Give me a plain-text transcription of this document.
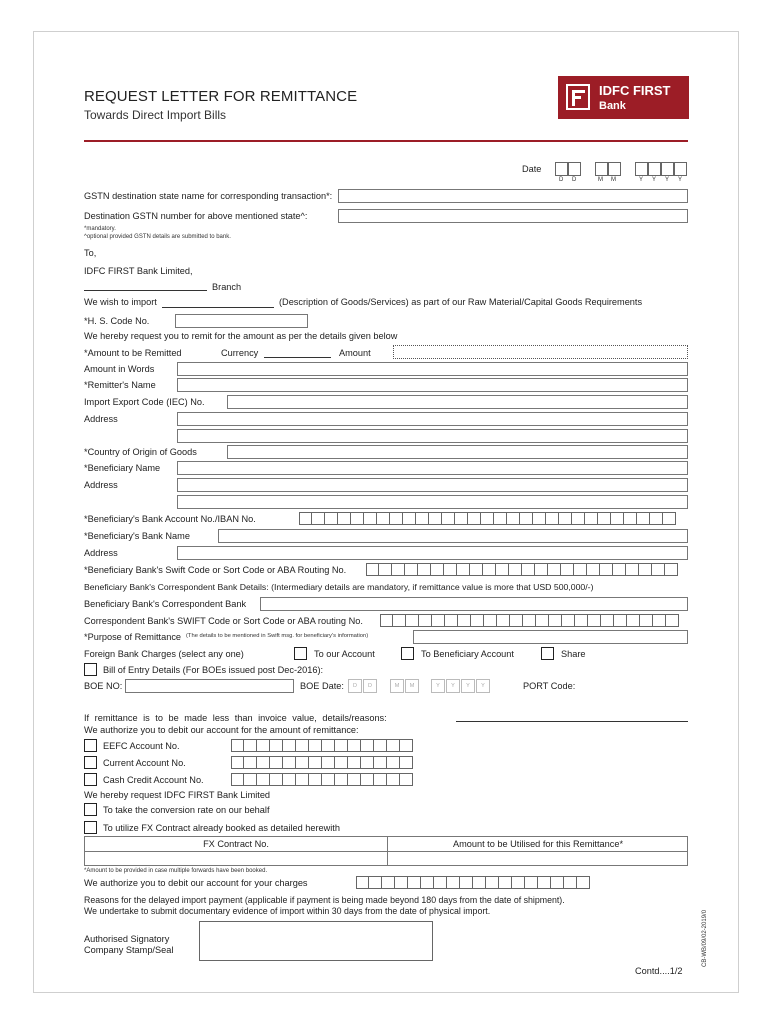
REQUEST LETTER FOR REMITTANCE
Towards Direct Import Bills
IDFC FIRST
Bank
Date
D D	M M	Y Y Y Y
GSTN destination state name for corresponding transaction*:
Destination GSTN number for above mentioned state^:
*mandatory.
^optional provided GSTN details are submitted to bank.
To,
IDFC FIRST Bank Limited,
Branch
We wish to import	(Description of Goods/Services) as part of our Raw Material/Capital Goods Requirements
*H. S. Code No.
We hereby request you to remit for the amount as per the details given below
*Amount to be Remitted	Currency	Amount
Amount in Words
*Remitter's Name
Import Export Code (IEC) No.
Address
*Country of Origin of Goods
*Beneficiary Name
Address
*Beneficiary's Bank Account No./IBAN No.
*Beneficiary's Bank Name
Address
*Beneficiary Bank's Swift Code or Sort Code or ABA Routing No.
Beneficiary Bank's Correspondent Bank Details: (Intermediary details are mandatory, if remittance value is more that USD 500,000/-)
Beneficiary Bank's Correspondent Bank
Correspondent Bank's SWIFT Code or Sort Code or ABA routing No.
*Purpose of Remittance (The details to be mentioned in Swift msg. for beneficiary's information)
Foreign Bank Charges (select any one)	To our Account	To Beneficiary Account	Share
Bill of Entry Details (For BOEs issued post Dec-2016):
BOE NO:	BOE Date:	D	D	M	M	Y	Y	Y	Y	PORT Code:
If remittance is to be made less than invoice value, details/reasons:
We authorize you to debit our account for the amount of remittance:
EEFC Account No.
Current Account No.
Cash Credit Account No.
We hereby request IDFC FIRST Bank Limited
To take the conversion rate on our behalf
To utilize FX Contract already booked as detailed herewith
FX Contract No.	Amount to be Utilised for this Remittance*
*Amount to be provided in case multiple forwards have been booked.
We authorize you to debit our account for your charges
Reasons for the delayed import payment (applicable if payment is being made beyond 180 days from the date of shipment).
We undertake to submit documentary evidence of import within 30 days from the date of physical import.
Authorised Signatory
Company Stamp/Seal	CB-WB/09/02-2019/0
Contd....1/2
